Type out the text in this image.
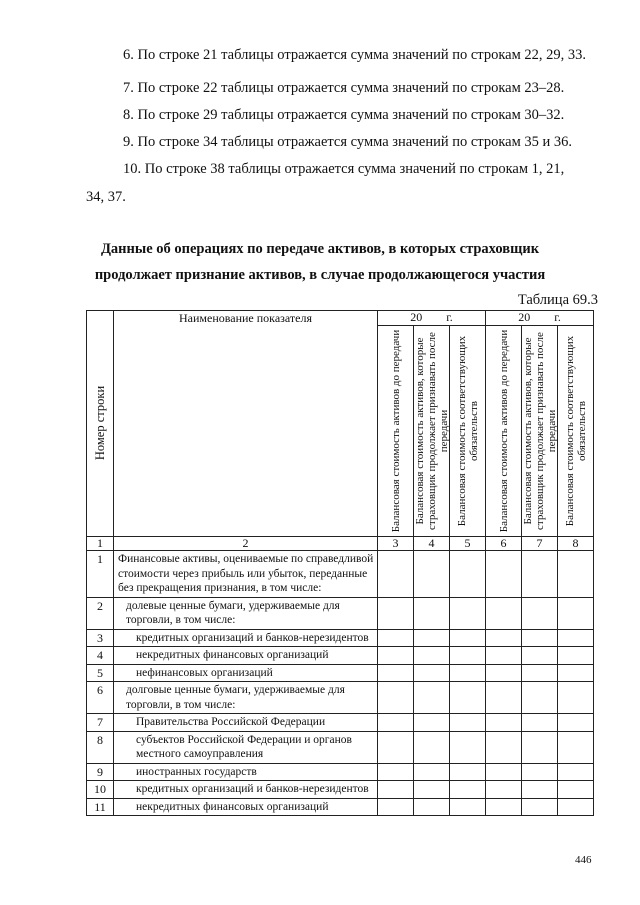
6. По строке 21 таблицы отражается сумма значений по строкам 22, 29, 33.
7. По строке 22 таблицы отражается сумма значений по строкам 23–28.
8. По строке 29 таблицы отражается сумма значений по строкам 30–32.
9. По строке 34 таблицы отражается сумма значений по строкам 35 и 36.
10. По строке 38 таблицы отражается сумма значений по строкам 1, 21,
34, 37.
Данные об операциях по передаче активов, в которых страховщик
продолжает признание активов, в случае продолжающегося участия
Таблица 69.3
Номер строки	Наименование показателя	20 г.			20 г.		

		Балансовая стоимость активов до передачи	Балансовая стоимость активов, которые страховщик продолжает признавать после передачи	Балансовая стоимость соответствующих обязательств	Балансовая стоимость активов до передачи	Балансовая стоимость активов, которые страховщик продолжает признавать после передачи	Балансовая стоимость соответствующих обязательств

1	2	3	4	5	6	7	8
1	Финансовые активы, оцениваемые по справедливой стоимости через прибыль или убыток, переданные без прекращения признания, в том числе:						
2	долевые ценные бумаги, удерживаемые для торговли, в том числе:						
3	кредитных организаций и банков-нерезидентов						
4	некредитных финансовых организаций						
5	нефинансовых организаций						
6	долговые ценные бумаги, удерживаемые для торговли, в том числе:						
7	Правительства Российской Федерации						
8	субъектов Российской Федерации и органов местного самоуправления						
9	иностранных государств						
10	кредитных организаций и банков-нерезидентов						
11	некредитных финансовых организаций						
446
